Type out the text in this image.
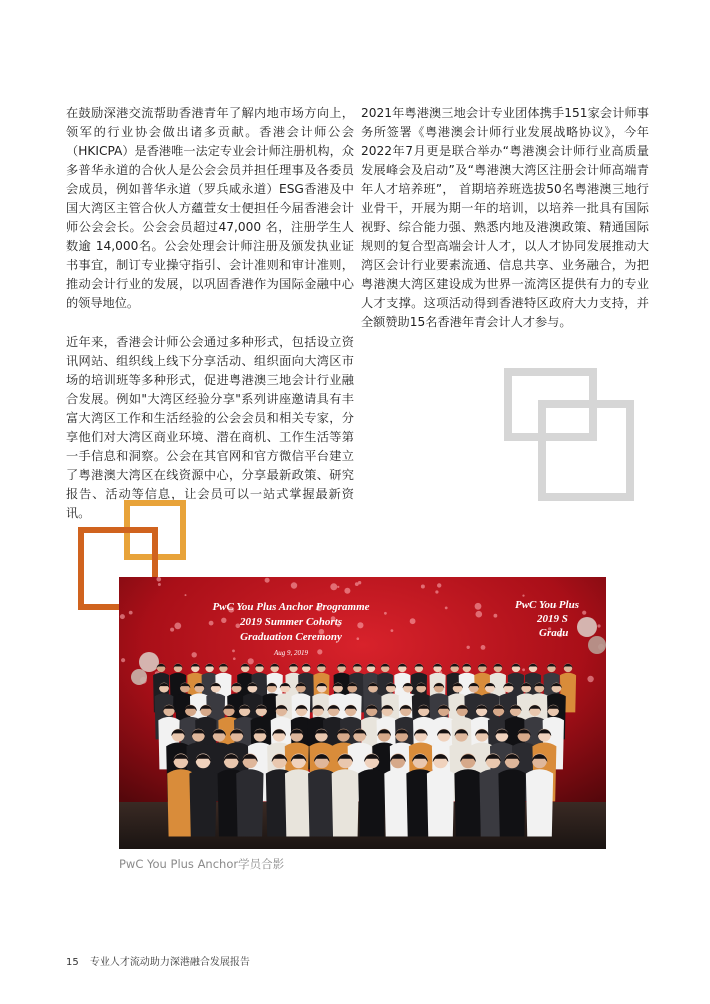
在鼓励深港交流帮助香港青年了解内地市场方向上，领军的行业协会做出诸多贡献。香港会计师公会（HKICPA）是香港唯一法定专业会计师注册机构，众多普华永道的合伙人是公会会员并担任理事及各委员会成员，例如普华永道（罗兵咸永道）ESG香港及中国大湾区主管合伙人方蘊萱女士便担任今届香港会计师公会会长。公会会员超过47,000 名，注册学生人数逾 14,000名。公会处理会计师注册及颁发执业证书事宜，制订专业操守指引、会计准则和审计准则，推动会计行业的发展，以巩固香港作为国际金融中心的领导地位。

近年来，香港会计师公会通过多种形式，包括设立资讯网站、组织线上线下分享活动、组织面向大湾区市场的培训班等多种形式，促进粤港澳三地会计行业融合发展。例如"大湾区经验分享"系列讲座邀请具有丰富大湾区工作和生活经验的公会会员和相关专家，分享他们对大湾区商业环境、潜在商机、工作生活等第一手信息和洞察。公会在其官网和官方微信平台建立了粤港澳大湾区在线资源中心，分享最新政策、研究报告、活动等信息，让会员可以一站式掌握最新资讯。

2021年粤港澳三地会计专业团体携手151家会计师事务所签署《粤港澳会计师行业发展战略协议》，今年2022年7月更是联合举办“粤港澳会计师行业高质量发展峰会及启动”及“粤港澳大湾区注册会计师高端青年人才培养班”， 首期培养班选拔50名粤港澳三地行业骨干，开展为期一年的培训，以培养一批具有国际视野、综合能力强、熟悉内地及港澳政策、精通国际规则的复合型高端会计人才，以人才协同发展推动大湾区会计行业要素流通、信息共享、业务融合，为把粤港澳大湾区建设成为世界一流湾区提供有力的专业人才支撑。这项活动得到香港特区政府大力支持，并全额赞助15名香港年青会计人才参与。

PwC You Plus Anchor Programme
2019 Summer Cohorts
Graduation Ceremony
Aug 9, 2019
PwC You Plus
2019 S
Gradu
PwC You Plus Anchor学员合影
15 专业人才流动助力深港融合发展报告
